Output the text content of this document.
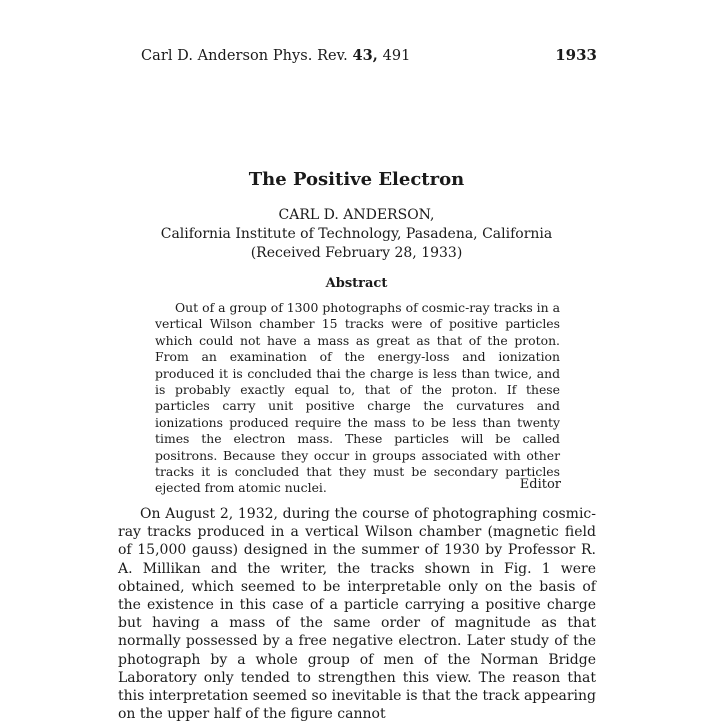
Carl D. Anderson Phys. Rev. 43, 491	1933
The Positive Electron
CARL D. ANDERSON,
California Institute of Technology, Pasadena, California
(Received February 28, 1933)
Abstract
Out of a group of 1300 photographs of cosmic-ray tracks in a vertical Wilson chamber 15 tracks were of positive particles which could not have a mass as great as that of the proton. From an examination of the energy-loss and ionization produced it is concluded thai the charge is less than twice, and is probably exactly equal to, that of the proton. If these particles carry unit positive charge the curvatures and ionizations produced require the mass to be less than twenty times the electron mass. These particles will be called positrons. Because they occur in groups associated with other tracks it is concluded that they must be secondary particles ejected from atomic nuclei.	Editor
On August 2, 1932, during the course of photographing cosmic-ray tracks produced in a vertical Wilson chamber (magnetic field of 15,000 gauss) designed in the summer of 1930 by Professor R. A. Millikan and the writer, the tracks shown in Fig. 1 were obtained, which seemed to be interpretable only on the basis of the existence in this case of a particle carrying a positive charge but having a mass of the same order of magnitude as that normally possessed by a free negative electron. Later study of the photograph by a whole group of men of the Norman Bridge Laboratory only tended to strengthen this view. The reason that this interpretation seemed so inevitable is that the track appearing on the upper half of the figure cannot
